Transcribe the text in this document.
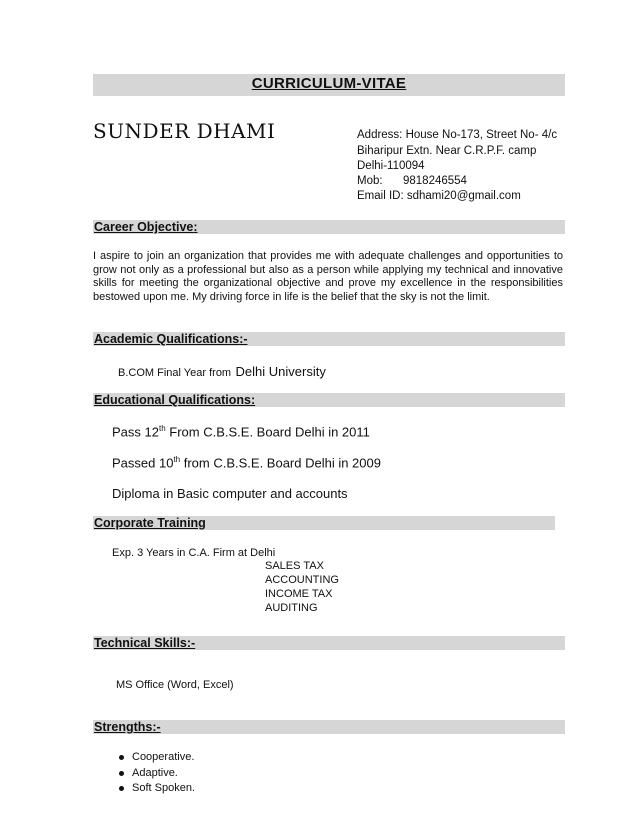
CURRICULUM-VITAE
SUNDER DHAMI	Address: House No-173, Street No- 4/c
Biharipur Extn. Near C.R.P.F. camp
Delhi-110094
Mob: 9818246554
Email ID: sdhami20@gmail.com
Career Objective:
I aspire to join an organization that provides me with adequate challenges and opportunities to grow not only as a professional but also as a person while applying my technical and innovative skills for meeting the organizational objective and prove my excellence in the responsibilities bestowed upon me. My driving force in life is the belief that the sky is not the limit.
Academic Qualifications:-
B.COM Final Year from Delhi University
Educational Qualifications:
Pass 12th From C.B.S.E. Board Delhi in 2011
Passed 10th from C.B.S.E. Board Delhi in 2009
Diploma in Basic computer and accounts
Corporate Training
Exp. 3 Years in C.A. Firm at Delhi
SALES TAX
ACCOUNTING
INCOME TAX
AUDITING
Technical Skills:-
MS Office (Word, Excel)
Strengths:-
Cooperative.
Adaptive.
Soft Spoken.
